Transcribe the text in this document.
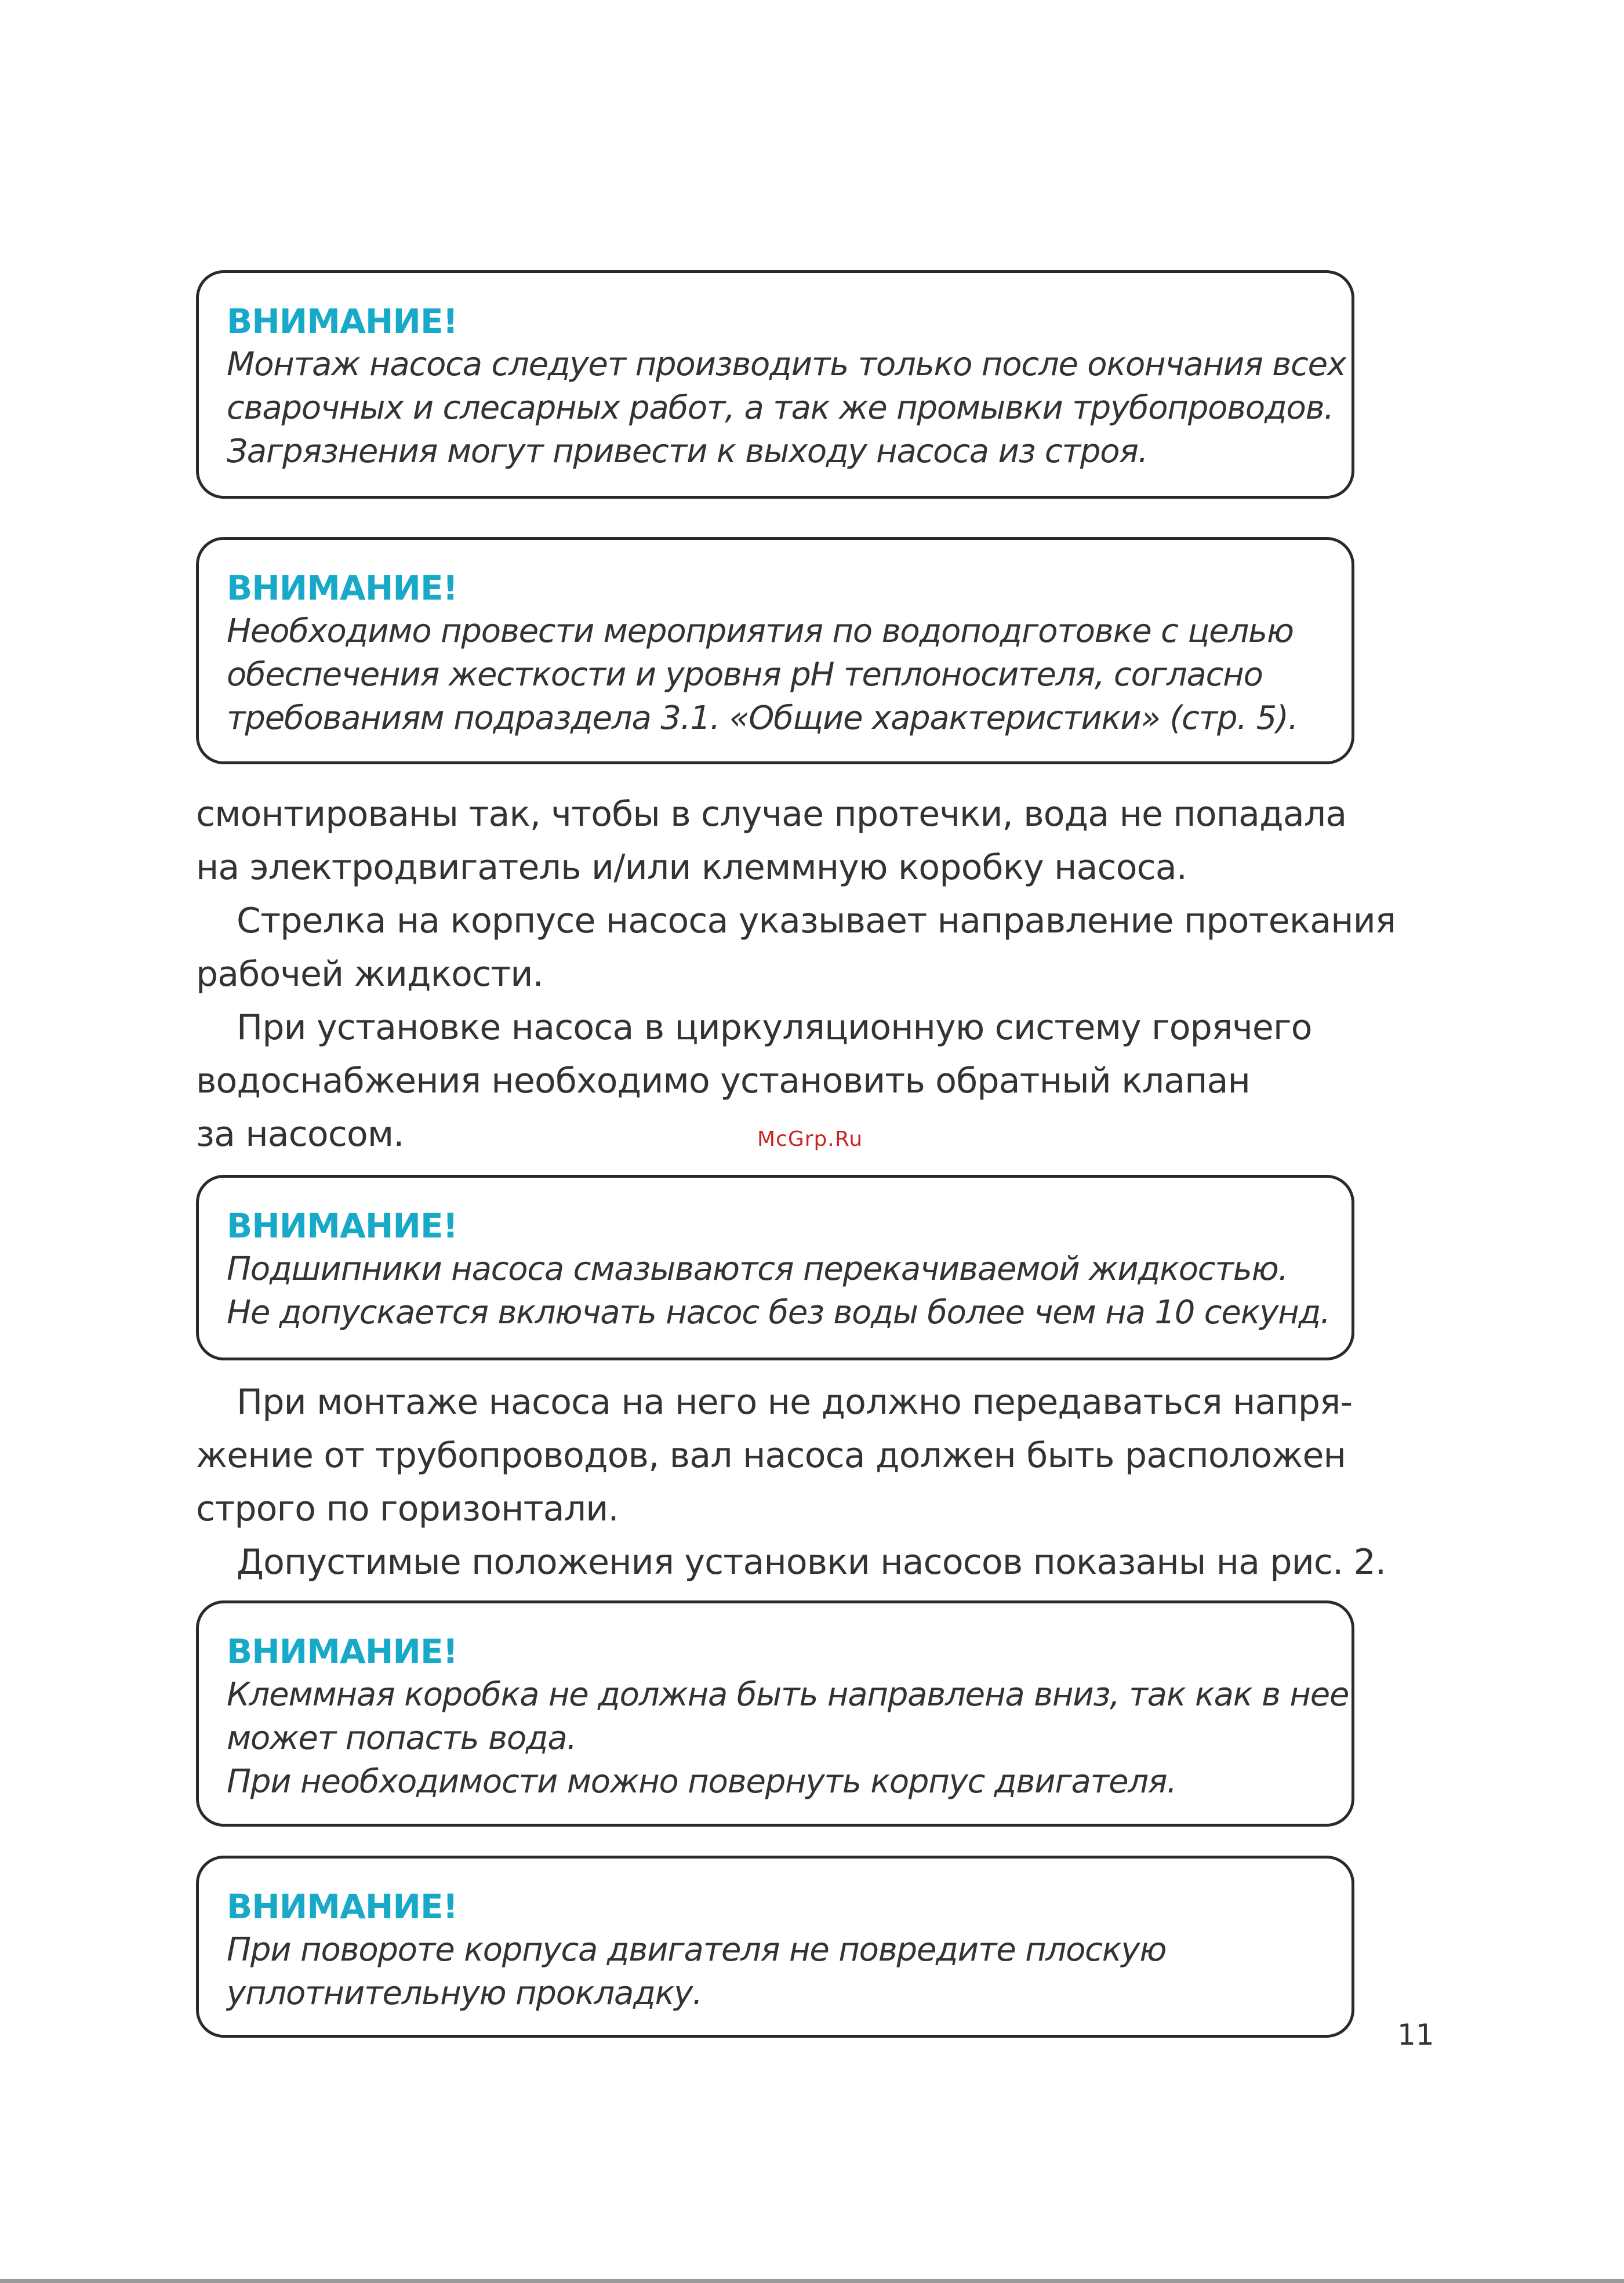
ВНИМАНИЕ!
Монтаж насоса следует производить только после окончания всех
сварочных и слесарных работ, а так же промывки трубопроводов.
Загрязнения могут привести к выходу насоса из строя.
ВНИМАНИЕ!
Необходимо провести мероприятия по водоподготовке с целью
обеспечения жесткости и уровня pH теплоносителя, согласно
требованиям подраздела 3.1. «Общие характеристики» (стр. 5).
смонтированы так, чтобы в случае протечки, вода не попадала
на электродвигатель и/или клеммную коробку насоса.
Стрелка на корпусе насоса указывает направление протекания
рабочей жидкости.
При установке насоса в циркуляционную систему горячего
водоснабжения необходимо установить обратный клапан
за насосом.	McGrp.Ru
ВНИМАНИЕ!
Подшипники насоса смазываются перекачиваемой жидкостью.
Не допускается включать насос без воды более чем на 10 секунд.
При монтаже насоса на него не должно передаваться напря-
жение от трубопроводов, вал насоса должен быть расположен
строго по горизонтали.
Допустимые положения установки насосов показаны на рис. 2.
ВНИМАНИЕ!
Клеммная коробка не должна быть направлена вниз, так как в нее
может попасть вода.
При необходимости можно повернуть корпус двигателя.
ВНИМАНИЕ!
При повороте корпуса двигателя не повредите плоскую
уплотнительную прокладку.
11
